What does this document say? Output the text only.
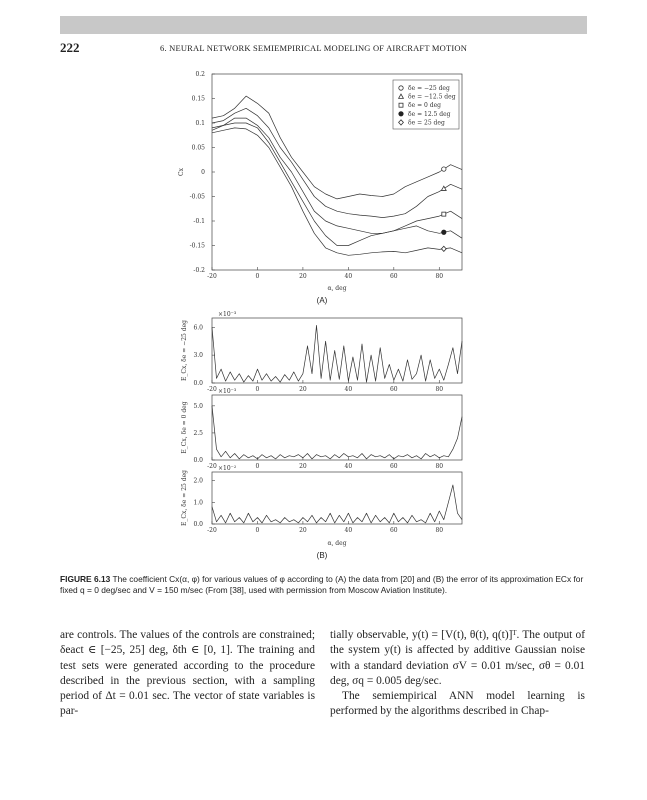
222	6. NEURAL NETWORK SEMIEMPIRICAL MODELING OF AIRCRAFT MOTION
-20	0	20	40	60	80
-0.2
-0.15
-0.1
-0.05
0
0.05
0.1
0.15
0.2
Cx
-20	0	20	40	60	80
0.0
3.0
6.0
E_Cx, δe = −25 deg
×10⁻³
-20	0	20	40	60	80
0.0
2.5
5.0
E_Cx, δe = 0 deg
×10⁻³
-20	0	20	40	60	80
0.0
1.0
2.0
E_Cx, δe = 25 deg
×10⁻²
α, deg
(A)
α, deg
(B)
δe = −25 deg
δe = −12.5 deg
δe = 0 deg
δe = 12.5 deg
δe = 25 deg
FIGURE 6.13 The coefficient Cx(α, φ) for various values of φ according to (A) the data from [20] and (B) the error of its approximation ECx for fixed q = 0 deg/sec and V = 150 m/sec (From [38], used with permission from Moscow Aviation Institute).

are controls. The values of the controls are constrained; δeact ∈ [−25, 25] deg, δth ∈ [0, 1]. The training and test sets were generated according to the procedure described in the previous section, with a sampling period of Δt = 0.01 sec. The vector of state variables is par-

tially observable, y(t) = [V(t), θ(t), q(t)]ᵀ. The output of the system y(t) is affected by additive Gaussian noise with a standard deviation σV = 0.01 m/sec, σθ = 0.01 deg, σq = 0.005 deg/sec.

The semiempirical ANN model learning is performed by the algorithms described in Chap-
